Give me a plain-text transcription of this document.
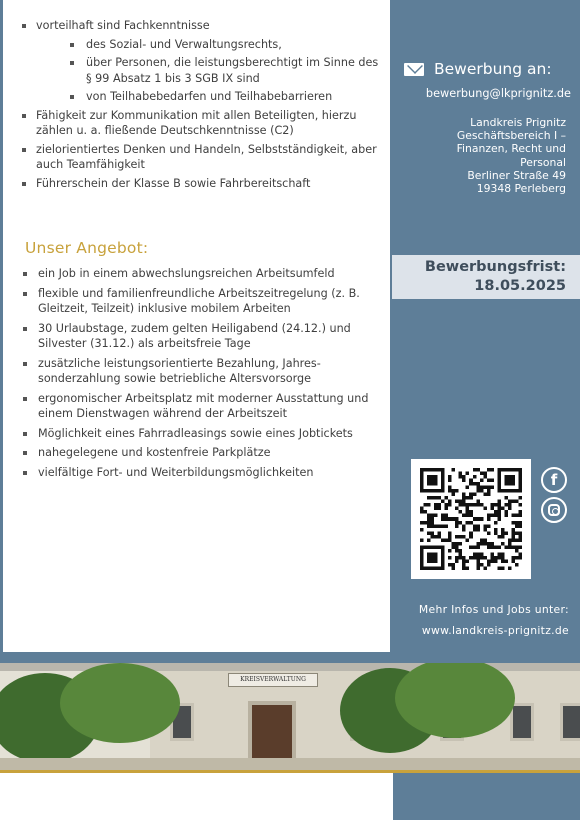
vorteilhaft sind Fachkenntnisse
des Sozial- und Verwaltungsrechts,
über Personen, die leistungsberechtigt im Sinne des § 99 Absatz 1 bis 3 SGB IX sind
von Teilhabebedarfen und Teilhabebarrieren
Fähigkeit zur Kommunikation mit allen Beteiligten, hierzu zählen u. a. fließende Deutschkenntnisse (C2)
zielorientiertes Denken und Handeln, Selbstständigkeit, aber auch Teamfähigkeit
Führerschein der Klasse B sowie Fahrbereitschaft
Unser Angebot:
ein Job in einem abwechslungsreichen Arbeitsumfeld
flexible und familienfreundliche Arbeitszeitregelung (z. B. Gleitzeit, Teilzeit) inklusive mobilem Arbeiten
30 Urlaubstage, zudem gelten Heiligabend (24.12.) und Silvester (31.12.) als arbeitsfreie Tage
zusätzliche leistungsorientierte Bezahlung, Jahres-sonderzahlung sowie betriebliche Altersvorsorge
ergonomischer Arbeitsplatz mit moderner Ausstattung und einem Dienstwagen während der Arbeitszeit
Möglichkeit eines Fahrradleasings sowie eines Jobtickets
nahegelegene und kostenfreie Parkplätze
vielfältige Fort- und Weiterbildungsmöglichkeiten
Bewerbung an:
bewerbung@lkprignitz.de
Landkreis Prignitz
Geschäftsbereich I –
Finanzen, Recht und
Personal
Berliner Straße 49
19348 Perleberg
Bewerbungsfrist:
18.05.2025
f
Mehr Infos und Jobs unter:
www.landkreis-prignitz.de
KREISVERWALTUNG
